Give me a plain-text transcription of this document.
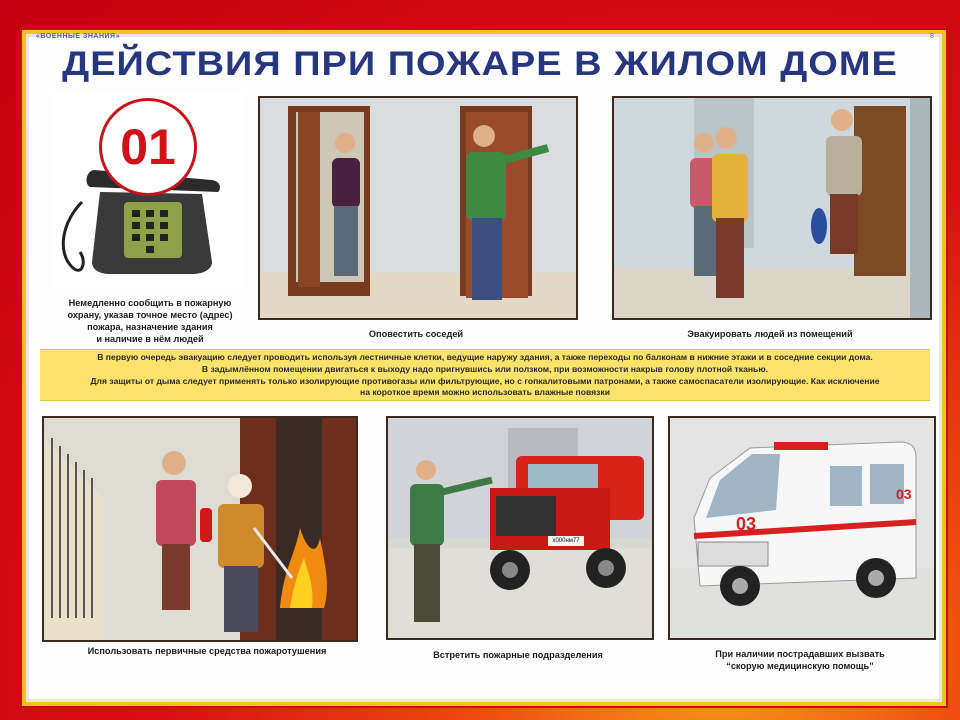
«ВОЕННЫЕ ЗНАНИЯ»	8
ДЕЙСТВИЯ ПРИ ПОЖАРЕ В ЖИЛОМ ДОМЕ
01
Немедленно сообщить в пожарную
охрану, указав точное место (адрес)
пожара, назначение здания
и наличие в нём людей	Оповестить соседей	Эвакуировать людей из помещений
В первую очередь эвакуацию следует проводить используя лестничные клетки, ведущие наружу здания, а также переходы по балконам в нижние этажи и в соседние секции дома.
В задымлённом помещении двигаться к выходу надо пригнувшись или ползком, при возможности накрыв голову плотной тканью.
Для защиты от дыма следует применять только изолирующие противогазы или фильтрующие, но с гопкалитовыми патронами, а также самоспасатели изолирующие. Как исключение
на короткое время можно использовать влажные повязки
Использовать первичные средства пожаротушения
х000нм77
Встретить пожарные подразделения
03
03
При наличии пострадавших вызвать
“скорую медицинскую помощь”
